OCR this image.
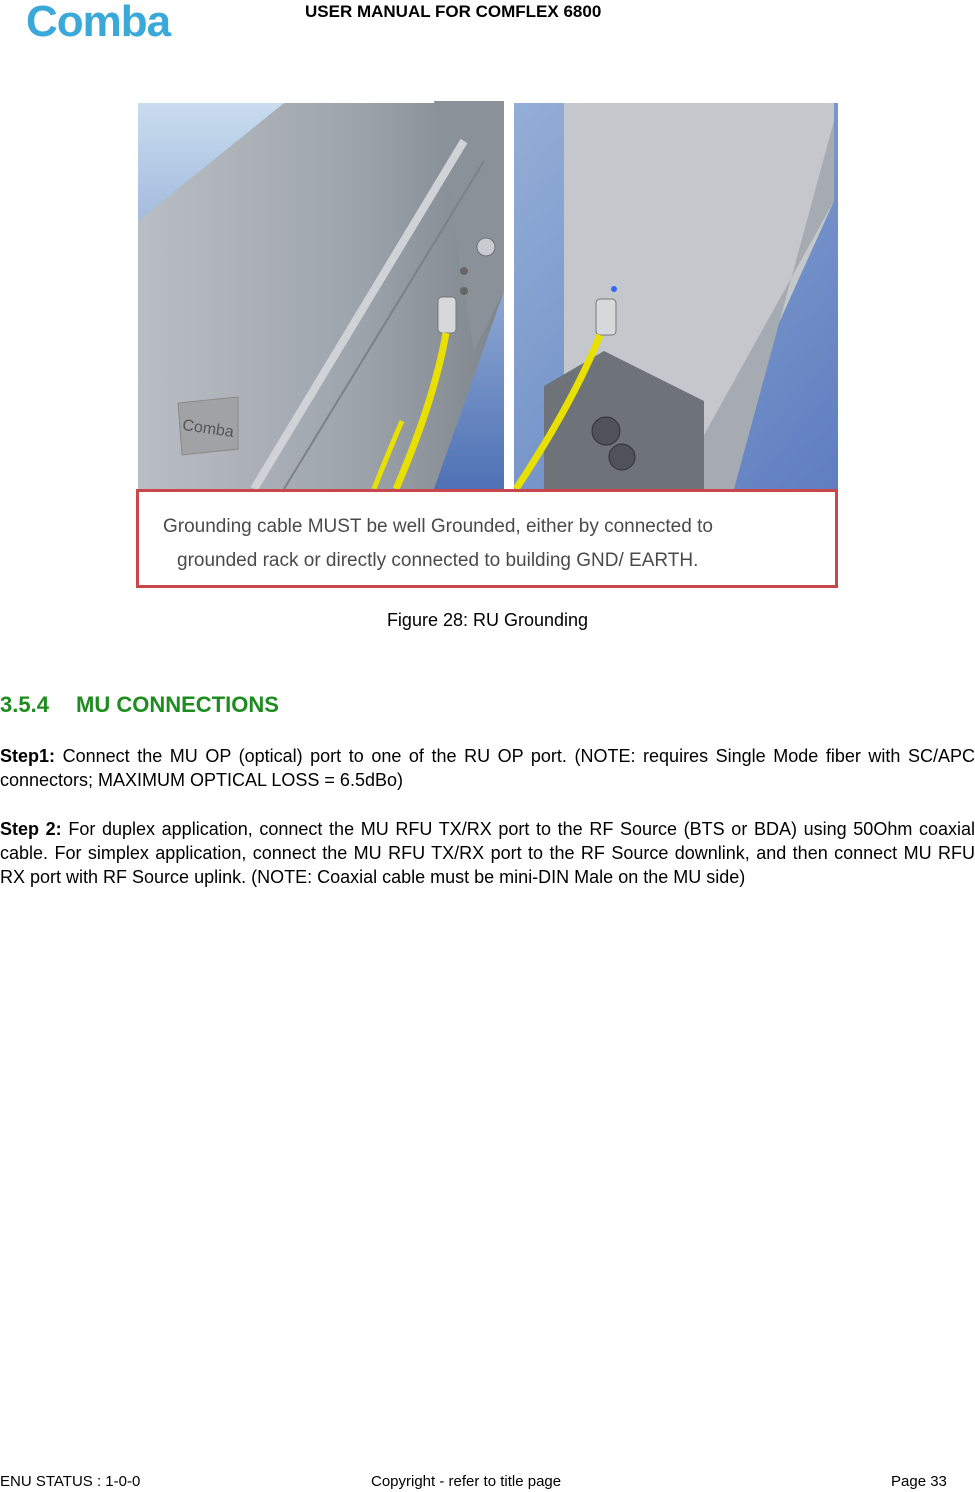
Comba	USER MANUAL FOR COMFLEX 6800
Comba
Grounding cable MUST be well Grounded, either by connected to
grounded rack or directly connected to building GND/ EARTH.
Figure 28: RU Grounding
3.5.4 MU CONNECTIONS
Step1: Connect the MU OP (optical) port to one of the RU OP port. (NOTE: requires Single Mode fiber with SC/APC connectors; MAXIMUM OPTICAL LOSS = 6.5dBo)
Step 2: For duplex application, connect the MU RFU TX/RX port to the RF Source (BTS or BDA) using 50Ohm coaxial cable. For simplex application, connect the MU RFU TX/RX port to the RF Source downlink, and then connect MU RFU RX port with RF Source uplink. (NOTE: Coaxial cable must be mini-DIN Male on the MU side)
ENU STATUS : 1-0-0	Copyright - refer to title page	Page 33
